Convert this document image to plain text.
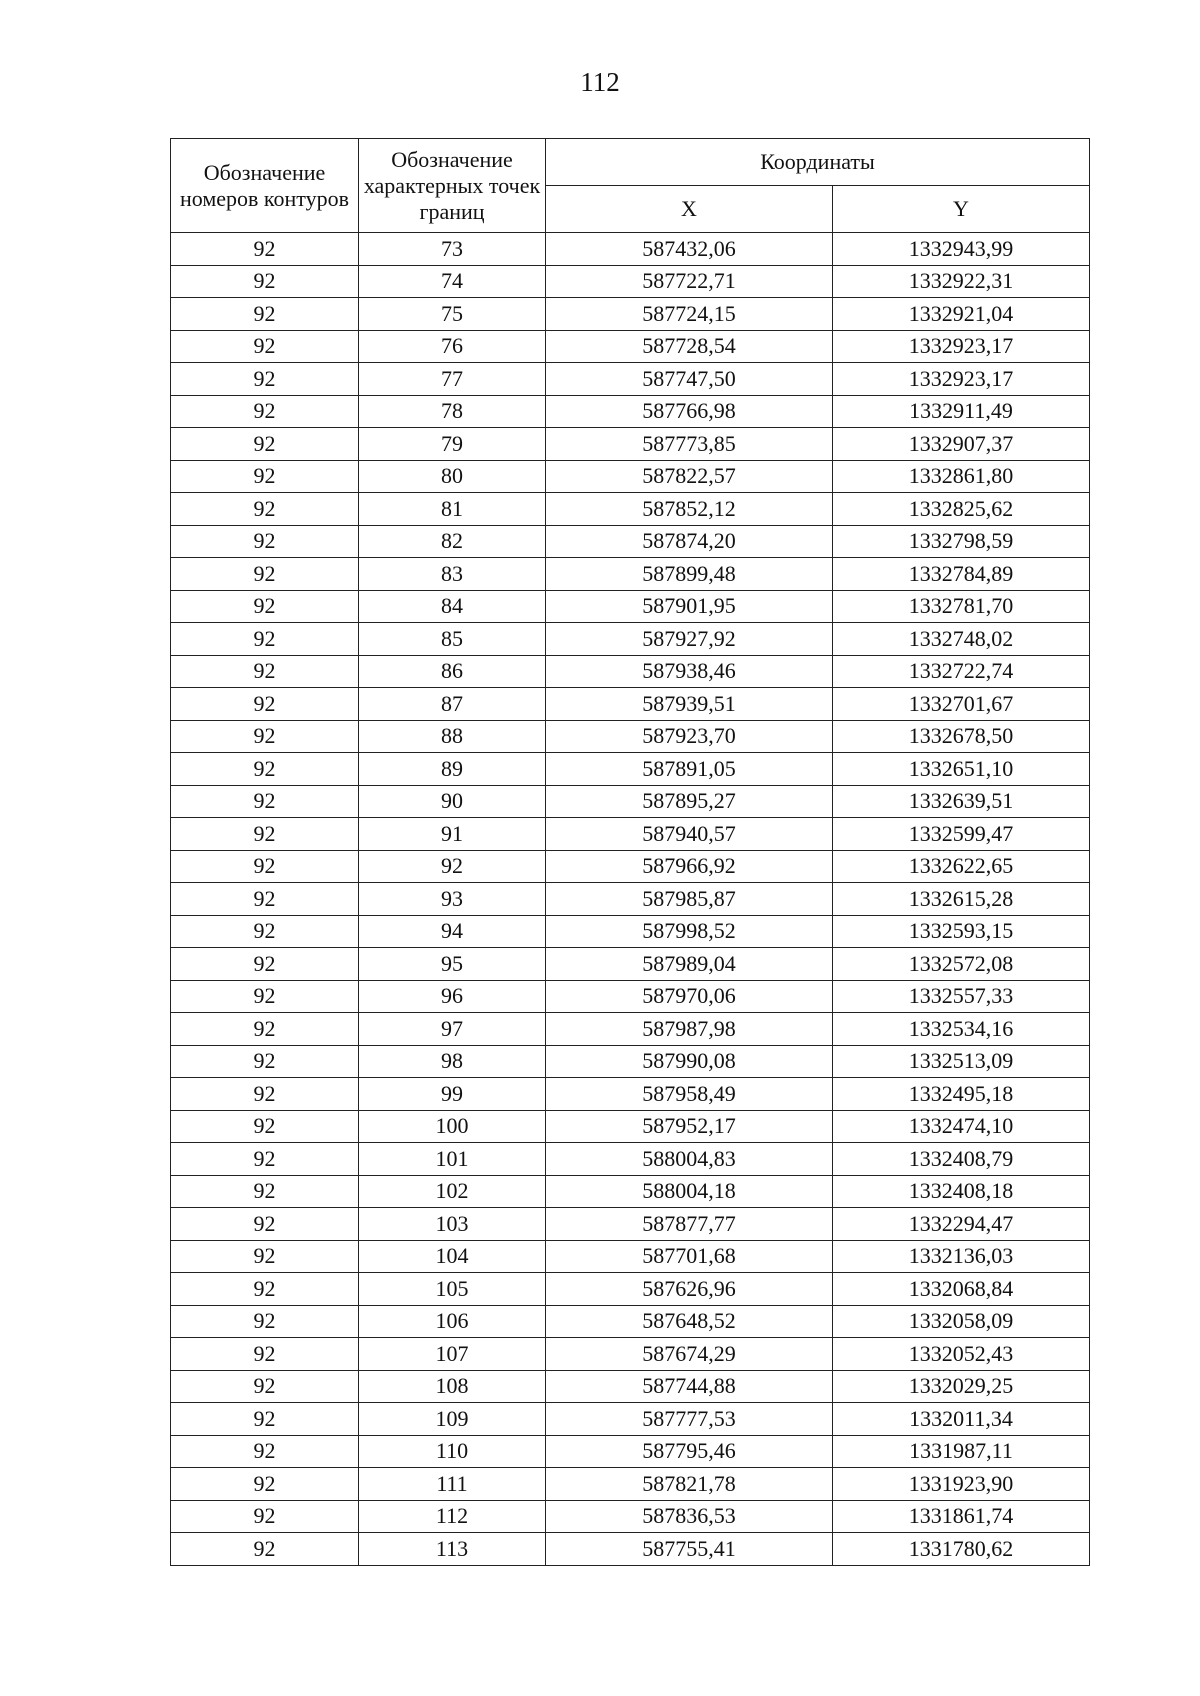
112
Обозначение номеров контуров	Обозначение характерных точек границ	Координаты	
		X	Y
92	73	587432,06	1332943,99
92	74	587722,71	1332922,31
92	75	587724,15	1332921,04
92	76	587728,54	1332923,17
92	77	587747,50	1332923,17
92	78	587766,98	1332911,49
92	79	587773,85	1332907,37
92	80	587822,57	1332861,80
92	81	587852,12	1332825,62
92	82	587874,20	1332798,59
92	83	587899,48	1332784,89
92	84	587901,95	1332781,70
92	85	587927,92	1332748,02
92	86	587938,46	1332722,74
92	87	587939,51	1332701,67
92	88	587923,70	1332678,50
92	89	587891,05	1332651,10
92	90	587895,27	1332639,51
92	91	587940,57	1332599,47
92	92	587966,92	1332622,65
92	93	587985,87	1332615,28
92	94	587998,52	1332593,15
92	95	587989,04	1332572,08
92	96	587970,06	1332557,33
92	97	587987,98	1332534,16
92	98	587990,08	1332513,09
92	99	587958,49	1332495,18
92	100	587952,17	1332474,10
92	101	588004,83	1332408,79
92	102	588004,18	1332408,18
92	103	587877,77	1332294,47
92	104	587701,68	1332136,03
92	105	587626,96	1332068,84
92	106	587648,52	1332058,09
92	107	587674,29	1332052,43
92	108	587744,88	1332029,25
92	109	587777,53	1332011,34
92	110	587795,46	1331987,11
92	111	587821,78	1331923,90
92	112	587836,53	1331861,74
92	113	587755,41	1331780,62
